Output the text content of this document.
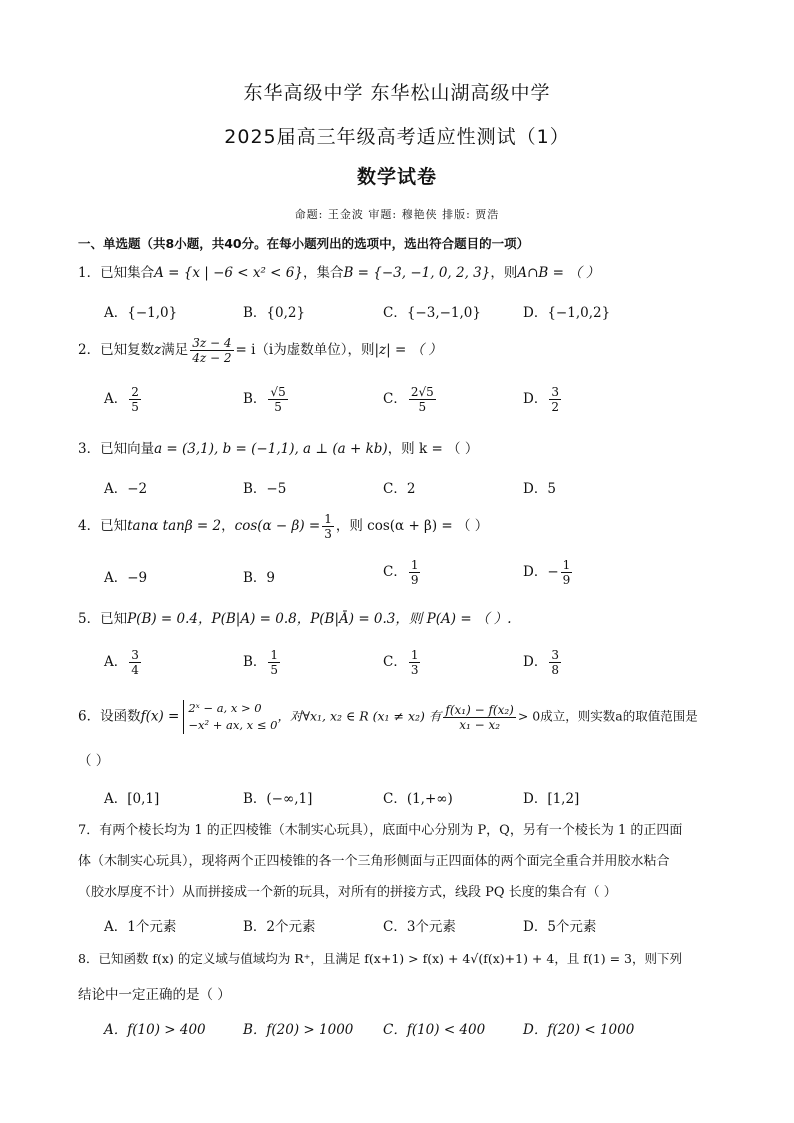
东华高级中学 东华松山湖高级中学
2025届高三年级高考适应性测试（1）
数学试卷
命题: 王金波 审题: 穆艳侠 排版: 贾浩
一、单选题（共8小题，共40分。在每小题列出的选项中，选出符合题目的一项）
1．已知集合A = {x | −6 < x² < 6}，集合B = {−3, −1, 0, 2, 3}，则A∩B = （ ）
A．{−1,0}	B．{0,2}	C．{−3,−1,0}	D．{−1,0,2}
2．已知复数z满足 $\frac{3z - 4}{4z - 2} = i(i$为虚数单位），则|z| = （ ）
A． $\frac{2}{5}$	B． $\frac{√5}{5}$	C． $\frac{2√5}{5}$	D． $\frac{3}{2}$
3．已知向量a = (3,1), b = (−1,1), a ⊥ (a + kb)，则 k = （ ）
A．−2	B．−5	C．2	D．5
4．已知tanα tanβ = 2，$\cos(\alpha - \beta) = \frac{1}{3}$ ，则 cos(α + β) = （ ）
A．−9	B．9	C． $\frac{1}{9}$	D．− $\frac{1}{9}$
5．已知P(B) = 0.4，P(B|A) = 0.8，P(B|Ā) = 0.3，则 P(A) = （ ）.
A． $\frac{3}{4}$	B． $\frac{1}{5}$	C． $\frac{1}{3}$	D． $\frac{3}{8}$
6．设函数f(x) =
2ˣ − a, x > 0
−x² + ax, x ≤ 0
，对∀x₁, x₂ ∈ R (x₁ ≠ x₂) 有 $\frac{\text{f(x₁) − f(x₂)}}{\text{x₁ − x₂}} > 0$成立，则实数a的取值范围是
（ ）
A．[0,1]	B．(−∞,1]	C．(1,+∞)	D．[1,2]
7．有两个棱长均为 1 的正四棱锥（木制实心玩具），底面中心分别为 P，Q，另有一个棱长为 1 的正四面
体（木制实心玩具），现将两个正四棱锥的各一个三角形侧面与正四面体的两个面完全重合并用胶水粘合
（胶水厚度不计）从而拼接成一个新的玩具，对所有的拼接方式，线段 PQ 长度的集合有（ ）
A．1个元素	B．2个元素	C．3个元素	D．5个元素
8．已知函数 f(x) 的定义域与值域均为 R⁺，且满足 f(x+1) > f(x) + 4√(f(x)+1) + 4，且 f(1) = 3，则下列
结论中一定正确的是（ ）
A．f(10) > 400	B．f(20) > 1000 C．f(10) < 400	D．f(20) < 1000
